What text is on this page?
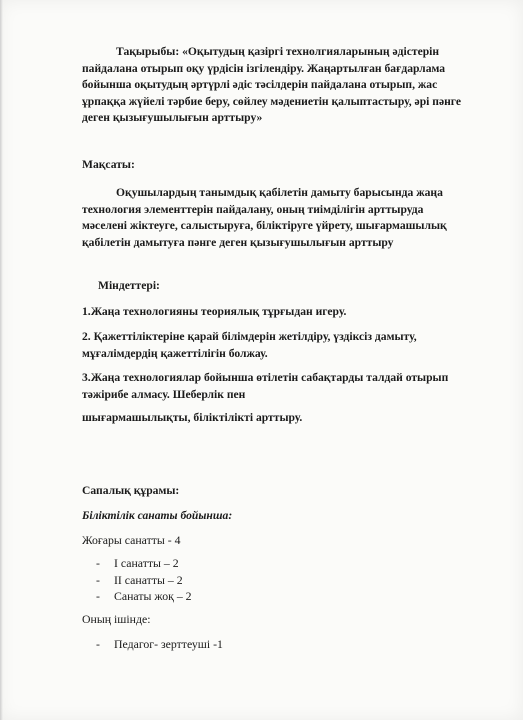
Тақырыбы: «Оқытудың қазіргі технолгияларының әдістерін пайдалана отырып оқу үрдісін ізгілендіру. Жаңартылған бағдарлама бойынша оқытудың әртүрлі әдіс тәсілдерін пайдалана отырып, жас ұрпаққа жүйелі тәрбие беру, сөйлеу мәдениетін қалыптастыру, әрі пәнге деген қызығушылығын арттыру»

Мақсаты:

Оқушылардың танымдық қабілетін дамыту барысында жаңа технология элементтерін пайдалану, оның тиімділігін арттыруда мәселені жіктеуге, салыстыруға, біліктіруге үйрету, шығармашылық қабілетін дамытуға пәнге деген қызығушылығын арттыру

Міндеттері:

1.Жаңа технологияны теориялық тұрғыдан игеру.

2. Қажеттіліктеріне қарай білімдерін жетілдіру, үздіксіз дамыту, мұғалімдердің қажеттілігін болжау.

3.Жаңа технологиялар бойынша өтілетін сабақтарды талдай отырып тәжірибе алмасу. Шеберлік пен

шығармашылықты, біліктілікті арттыру.

Сапалық құрамы:

Біліктілік санаты бойынша:

Жоғары санатты - 4

- І санатты – 2
- ІІ санатты – 2
- Санаты жоқ – 2

Оның ішінде:

- Педагог- зерттеуші -1
